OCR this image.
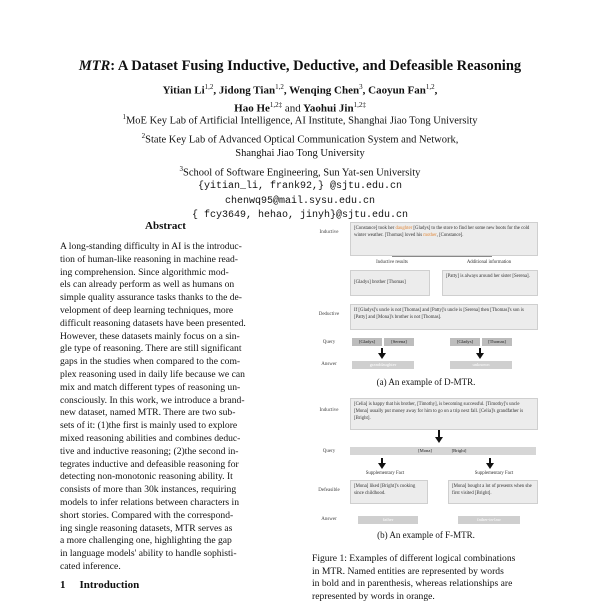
MTR: A Dataset Fusing Inductive, Deductive, and Defeasible Reasoning
Yitian Li$^{1,2}$, Jidong Tian$^{1,2}$, Wenqing Chen$^3$, Caoyun Fan$^{1,2}$,
Hao $He^{1,2\ddagger}$ and Yaohui Jin$^{1,2\ddagger}$
$^1$MoE Key Lab of Artificial Intelligence, AI Institute, Shanghai Jiao Tong University
$^2$State Key Lab of Advanced Optical Communication System and Network,
Shanghai Jiao Tong University
$^3$School of Software Engineering, Sun Yat-sen University
{yitian_li, frank92,} @sjtu.edu.cn
chenwq95@mail.sysu.edu.cn
{ fcy3649, hehao, jinyh}@sjtu.edu.cn
Abstract
A long-standing difficulty in AI is the introduc-
tion of human-like reasoning in machine read-
ing comprehension. Since algorithmic mod-
els can already perform as well as humans on
simple quality assurance tasks thanks to the de-
velopment of deep learning techniques, more
difficult reasoning datasets have been presented.
However, these datasets mainly focus on a sin-
gle type of reasoning. There are still significant
gaps in the studies when compared to the com-
plex reasoning used in daily life because we can
mix and match different types of reasoning un-
consciously. In this work, we introduce a brand-
new dataset, named MTR. There are two sub-
sets of it: (1)the first is mainly used to explore
mixed reasoning abilities and combines deduc-
tive and inductive reasoning; (2)the second in-
tegrates inductive and defeasible reasoning for
detecting non-monotonic reasoning ability. It
consists of more than 30k instances, requiring
models to infer relations between characters in
short stories. Compared with the correspond-
ing single reasoning datasets, MTR serves as
a more challenging one, highlighting the gap
in language models' ability to handle sophisti-
cated inference.
1 Introduction
Inductive
[Constance] took her daughter [Gladys] to the store to find her some new boots for the cold winter weather. [Thomas] loved his mother, [Constance].
Inductive results	Additional information
[Gladys] brother [Thomas]
[Patty] is always around her sister [Serena].
Deductive
If [Gladys]'s uncle is not [Thomas] and [Patty]'s uncle is [Serena] then [Thomas]'s son is [Patty] and [Mona]'s brother is not [Thomas].
Query	[Gladys]	[Serena]	[Gladys]	[Thomas]
Answer	granddaughter	unknown
(a) An example of D-MTR.
Inductive
[Celia] is happy that his brother, [Timothy], is becoming successful. [Timothy]'s uncle [Mona] usually put money away for him to go on a trip next fall. [Celia]'s grandfather is [Bright].
Query	[Mona]	[Bright]
Supplementary Fact	Supplementary Fact
Defeasible
[Mona] liked [Bright]'s cooking since childhood.
[Mona] bought a lot of presents when she first visited [Bright].
Answer	father	father-in-law
(b) An example of F-MTR.
Figure 1: Examples of different logical combinations
in MTR. Named entities are represented by words
in bold and in parenthesis, whereas relationships are
represented by words in orange.
